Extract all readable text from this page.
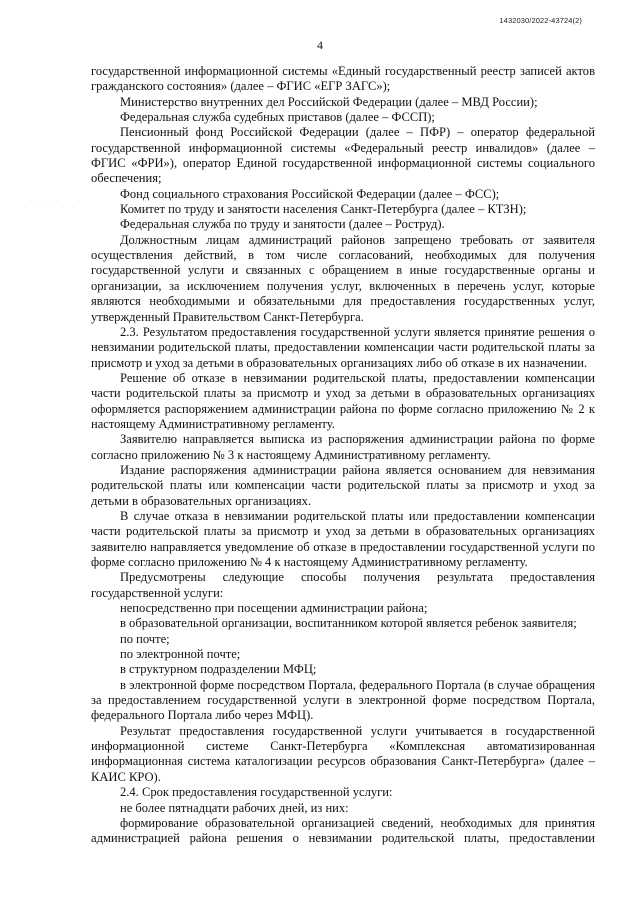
1432030/2022-43724(2)
4
· · · · · ·

государственной информационной системы «Единый государственный реестр записей актов гражданского состояния» (далее – ФГИС «ЕГР ЗАГС»);

Министерство внутренних дел Российской Федерации (далее – МВД России);

Федеральная служба судебных приставов (далее – ФССП);

Пенсионный фонд Российской Федерации (далее – ПФР) – оператор федеральной государственной информационной системы «Федеральный реестр инвалидов» (далее – ФГИС «ФРИ»), оператор Единой государственной информационной системы социального обеспечения;

Фонд социального страхования Российской Федерации (далее – ФСС);

Комитет по труду и занятости населения Санкт-Петербурга (далее – КТЗН);

Федеральная служба по труду и занятости (далее – Роструд).

Должностным лицам администраций районов запрещено требовать от заявителя осуществления действий, в том числе согласований, необходимых для получения государственной услуги и связанных с обращением в иные государственные органы и организации, за исключением получения услуг, включенных в перечень услуг, которые являются необходимыми и обязательными для предоставления государственных услуг, утвержденный Правительством Санкт-Петербурга.

2.3. Результатом предоставления государственной услуги является принятие решения о невзимании родительской платы, предоставлении компенсации части родительской платы за присмотр и уход за детьми в образовательных организациях либо об отказе в их назначении.

Решение об отказе в невзимании родительской платы, предоставлении компенсации части родительской платы за присмотр и уход за детьми в образовательных организациях оформляется распоряжением администрации района по форме согласно приложению № 2 к настоящему Административному регламенту.

Заявителю направляется выписка из распоряжения администрации района по форме согласно приложению № 3 к настоящему Административному регламенту.

Издание распоряжения администрации района является основанием для невзимания родительской платы или компенсации части родительской платы за присмотр и уход за детьми в образовательных организациях.

В случае отказа в невзимании родительской платы или предоставлении компенсации части родительской платы за присмотр и уход за детьми в образовательных организациях заявителю направляется уведомление об отказе в предоставлении государственной услуги по форме согласно приложению № 4 к настоящему Административному регламенту.

Предусмотрены следующие способы получения результата предоставления государственной услуги:

непосредственно при посещении администрации района;

в образовательной организации, воспитанником которой является ребенок заявителя;

по почте;

по электронной почте;

в структурном подразделении МФЦ;

в электронной форме посредством Портала, федерального Портала (в случае обращения за предоставлением государственной услуги в электронной форме посредством Портала, федерального Портала либо через МФЦ).

Результат предоставления государственной услуги учитывается в государственной информационной системе Санкт-Петербурга «Комплексная автоматизированная информационная система каталогизации ресурсов образования Санкт-Петербурга» (далее – КАИС КРО).

2.4. Срок предоставления государственной услуги:

не более пятнадцати рабочих дней, из них:

формирование образовательной организацией сведений, необходимых для принятия администрацией района решения о невзимании родительской платы, предоставлении
